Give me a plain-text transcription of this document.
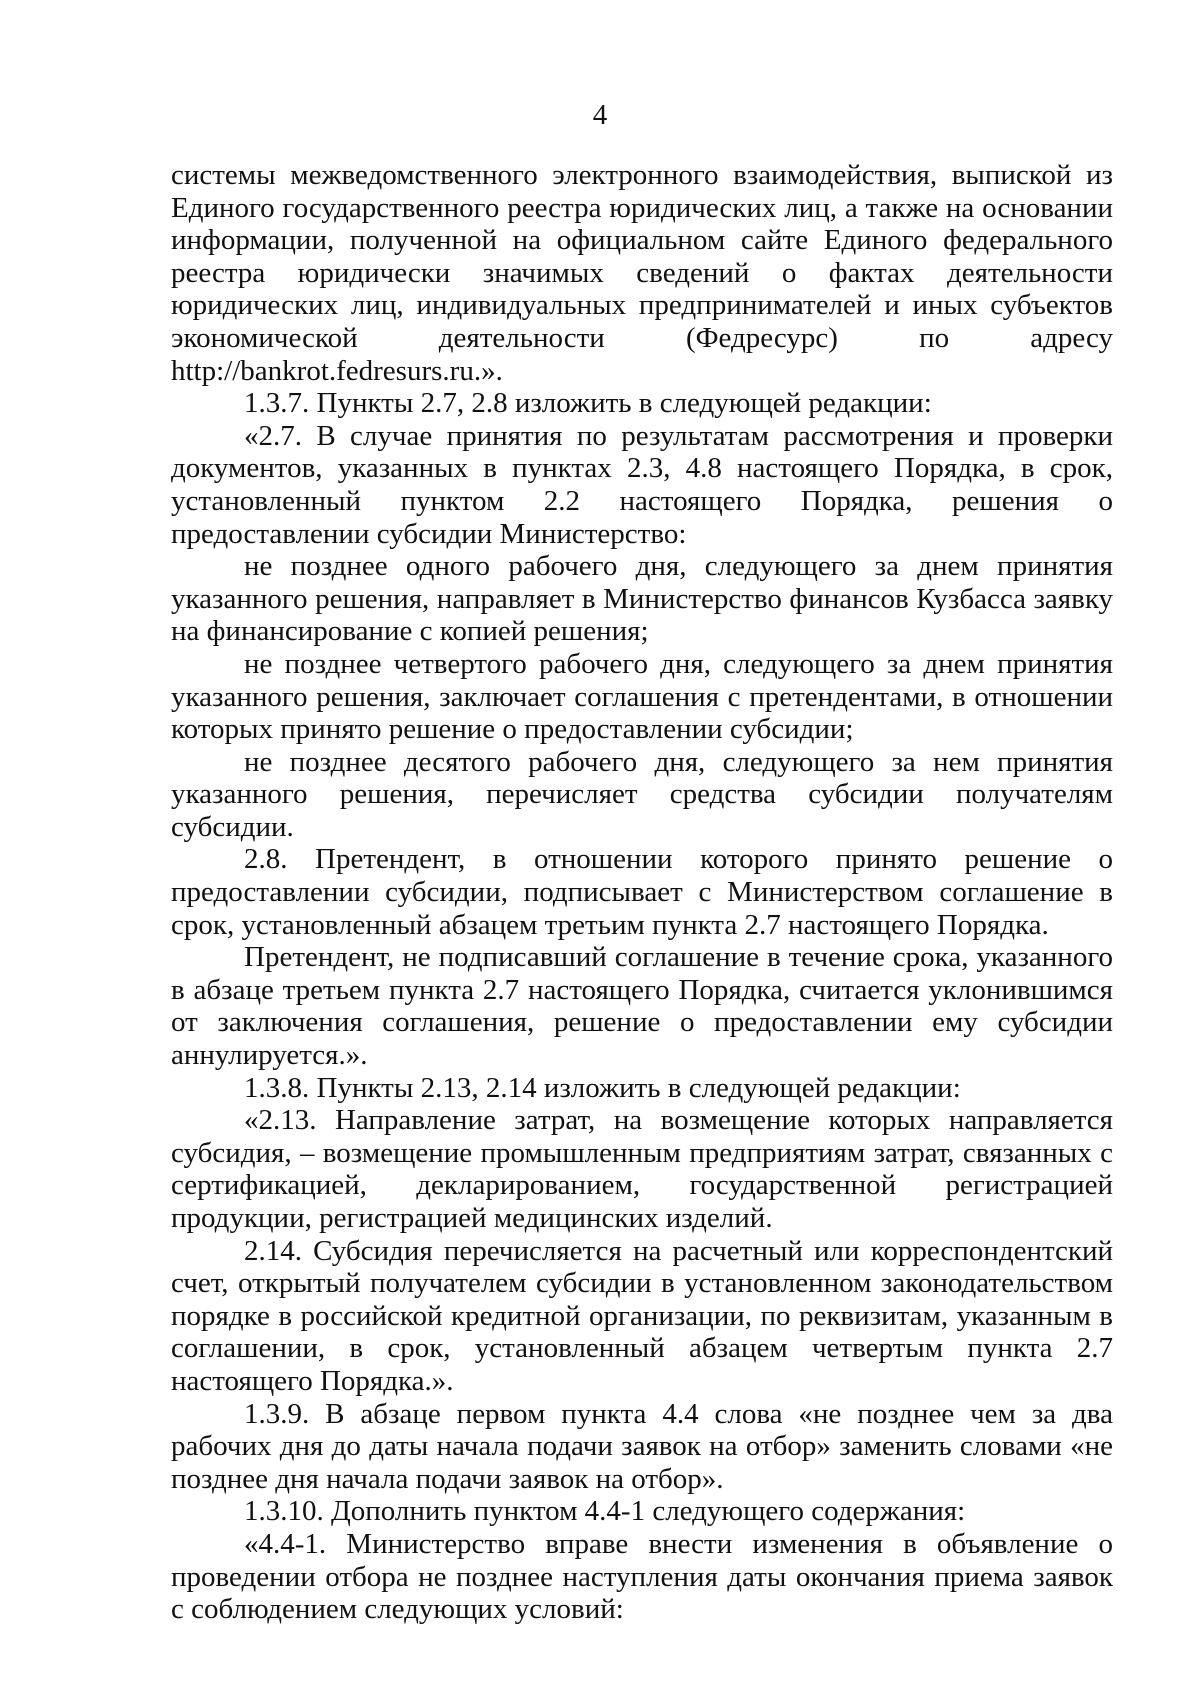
4

системы межведомственного электронного взаимодействия, выпиской из Единого государственного реестра юридических лиц, а также на основании информации, полученной на официальном сайте Единого федерального реестра юридически значимых сведений о фактах деятельности юридических лиц, индивидуальных предпринимателей и иных субъектов экономической деятельности (Федресурс) по адресу http://bankrot.fedresurs.ru.».

1.3.7. Пункты 2.7, 2.8 изложить в следующей редакции:

«2.7. В случае принятия по результатам рассмотрения и проверки документов, указанных в пунктах 2.3, 4.8 настоящего Порядка, в срок, установленный пунктом 2.2 настоящего Порядка, решения о предоставлении субсидии Министерство:

не позднее одного рабочего дня, следующего за днем принятия указанного решения, направляет в Министерство финансов Кузбасса заявку на финансирование с копией решения;

не позднее четвертого рабочего дня, следующего за днем принятия указанного решения, заключает соглашения с претендентами, в отношении которых принято решение о предоставлении субсидии;

не позднее десятого рабочего дня, следующего за нем принятия указанного решения, перечисляет средства субсидии получателям субсидии.

2.8. Претендент, в отношении которого принято решение о предоставлении субсидии, подписывает с Министерством соглашение в срок, установленный абзацем третьим пункта 2.7 настоящего Порядка.

Претендент, не подписавший соглашение в течение срока, указанного в абзаце третьем пункта 2.7 настоящего Порядка, считается уклонившимся от заключения соглашения, решение о предоставлении ему субсидии аннулируется.».

1.3.8. Пункты 2.13, 2.14 изложить в следующей редакции:

«2.13. Направление затрат, на возмещение которых направляется субсидия, – возмещение промышленным предприятиям затрат, связанных с сертификацией, декларированием, государственной регистрацией продукции, регистрацией медицинских изделий.

2.14. Субсидия перечисляется на расчетный или корреспондентский счет, открытый получателем субсидии в установленном законодательством порядке в российской кредитной организации, по реквизитам, указанным в соглашении, в срок, установленный абзацем четвертым пункта 2.7 настоящего Порядка.».

1.3.9. В абзаце первом пункта 4.4 слова «не позднее чем за два рабочих дня до даты начала подачи заявок на отбор» заменить словами «не позднее дня начала подачи заявок на отбор».

1.3.10. Дополнить пунктом 4.4-1 следующего содержания:

«4.4-1. Министерство вправе внести изменения в объявление о проведении отбора не позднее наступления даты окончания приема заявок с соблюдением следующих условий:
